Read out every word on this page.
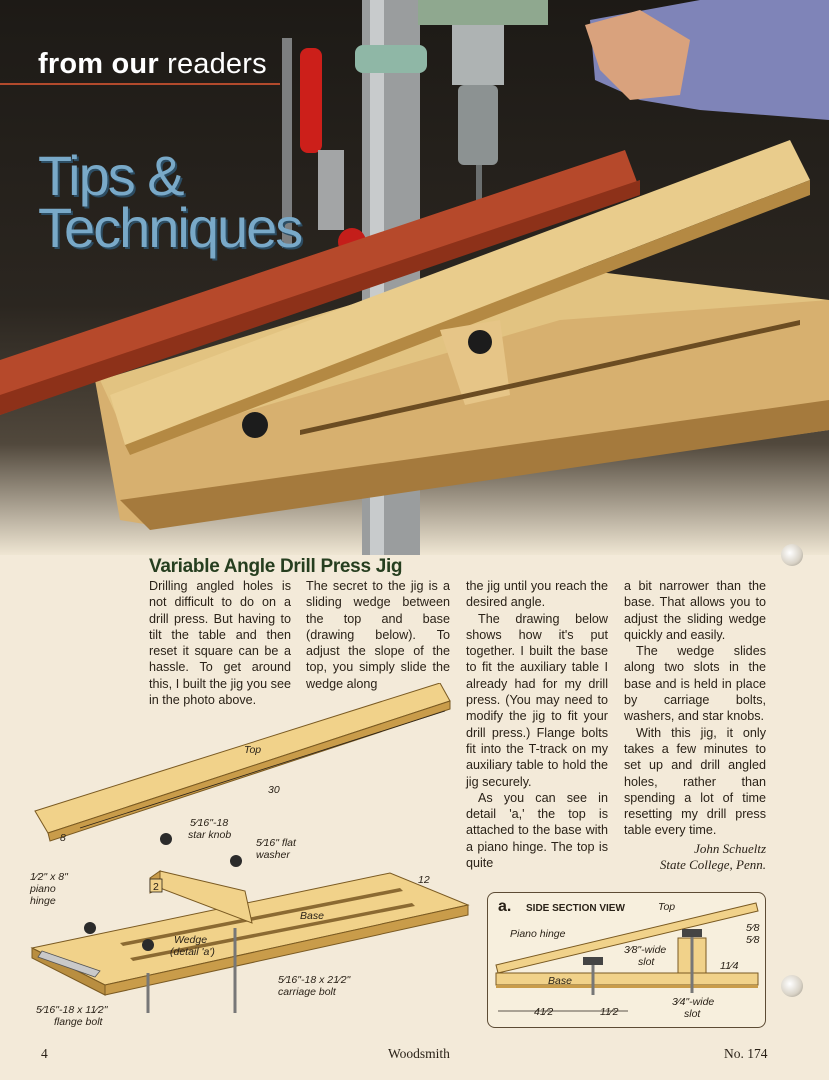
from our readers
Tips &
Techniques
Variable Angle Drill Press Jig

Drilling angled holes is not difficult to do on a drill press. But having to tilt the table and then reset it square can be a hassle. To get around this, I built the jig you see in the photo above.

The secret to the jig is a sliding wedge between the top and base (drawing below). To adjust the slope of the top, you simply slide the wedge along

the jig until you reach the desired angle.

The drawing below shows how it's put together. I built the base to fit the auxiliary table I already had for my drill press. (You may need to modify the jig to fit your drill press.) Flange bolts fit into the T-track on my auxiliary table to hold the jig securely.

As you can see in detail 'a,' the top is attached to the base with a piano hinge. The top is quite

a bit narrower than the base. That allows you to adjust the sliding wedge quickly and easily.

The wedge slides along two slots in the base and is held in place by carriage bolts, washers, and star knobs.

With this jig, it only takes a few minutes to set up and drill angled holes, rather than spending a lot of time resetting my drill press table every time.

John Schueltz
State College, Penn.
Top
30
8
Base
12
2
5⁄16"-18
star knob
5⁄16" flat
washer
1⁄2" x 8"
piano
hinge
Wedge
(detail 'a')
5⁄16"-18 x 21⁄2"
carriage bolt
5⁄16"-18 x 11⁄2"
flange bolt
a. SIDE SECTION VIEW	Top
Piano hinge
3⁄8"-wide
slot
5⁄8
5⁄8
11⁄4
Base
3⁄4"-wide
slot
41⁄2	11⁄2
4	Woodsmith	No. 174
